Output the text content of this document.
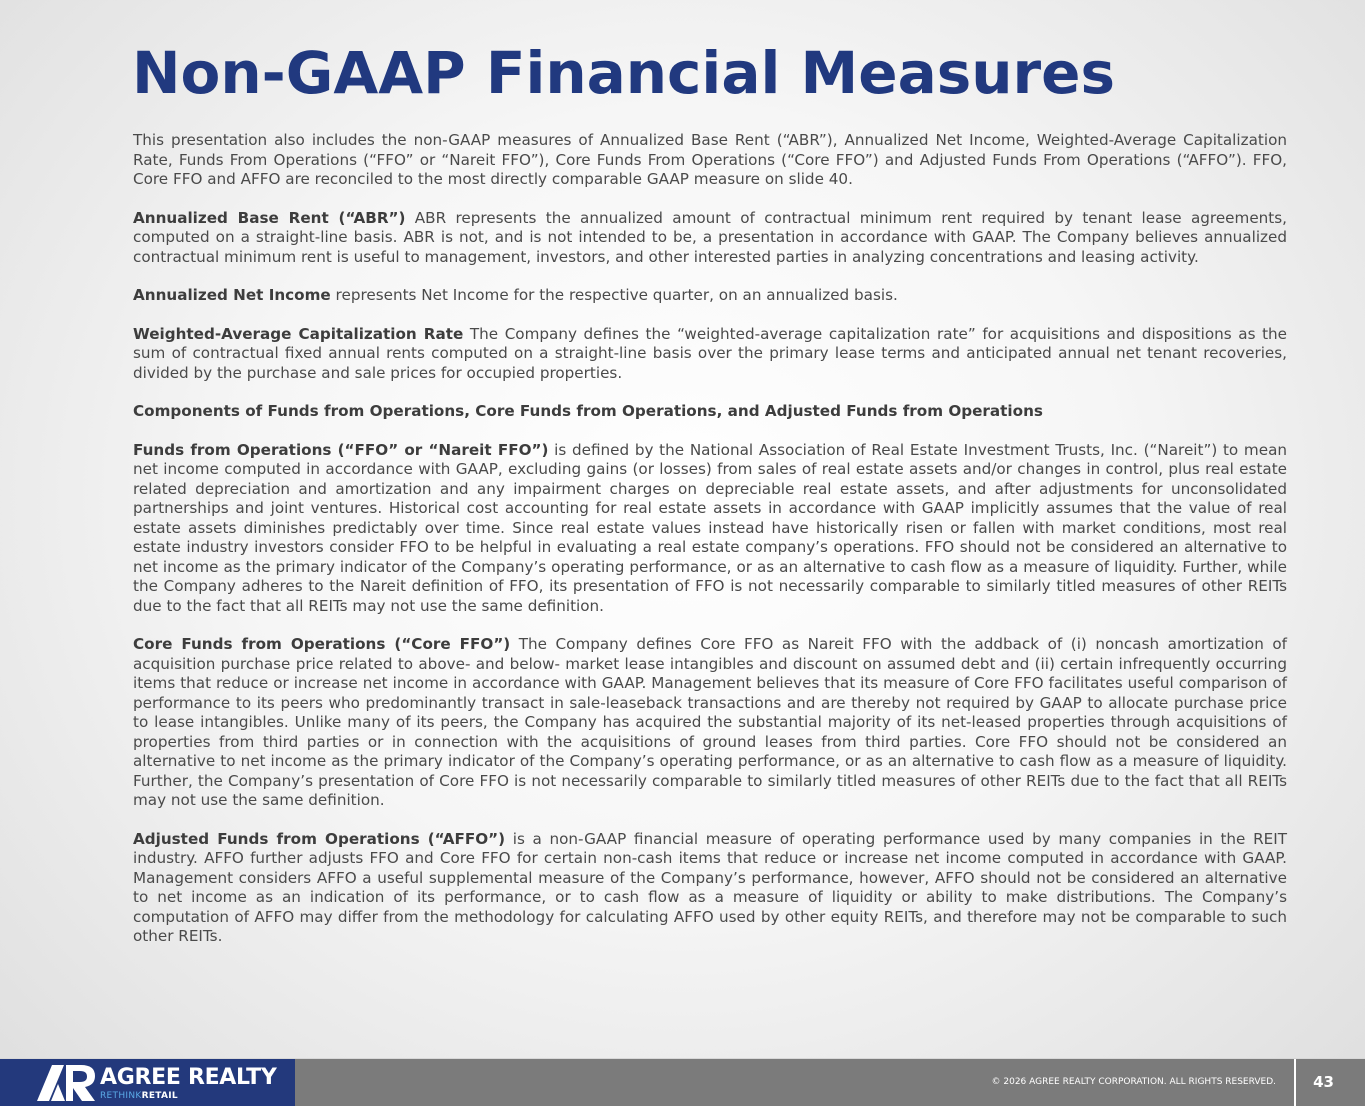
Non-GAAP Financial Measures

This presentation also includes the non-GAAP measures of Annualized Base Rent (“ABR”), Annualized Net Income, Weighted-Average Capitalization Rate, Funds From Operations (“FFO” or “Nareit FFO”), Core Funds From Operations (“Core FFO”) and Adjusted Funds From Operations (“AFFO”). FFO, Core FFO and AFFO are reconciled to the most directly comparable GAAP measure on slide 40.

Annualized Base Rent (“ABR”) ABR represents the annualized amount of contractual minimum rent required by tenant lease agreements, computed on a straight-line basis. ABR is not, and is not intended to be, a presentation in accordance with GAAP. The Company believes annualized contractual minimum rent is useful to management, investors, and other interested parties in analyzing concentrations and leasing activity.

Annualized Net Income represents Net Income for the respective quarter, on an annualized basis.

Weighted-Average Capitalization Rate The Company defines the “weighted-average capitalization rate” for acquisitions and dispositions as the sum of contractual fixed annual rents computed on a straight-line basis over the primary lease terms and anticipated annual net tenant recoveries, divided by the purchase and sale prices for occupied properties.

Components of Funds from Operations, Core Funds from Operations, and Adjusted Funds from Operations

Funds from Operations (“FFO” or “Nareit FFO”) is defined by the National Association of Real Estate Investment Trusts, Inc. (“Nareit”) to mean net income computed in accordance with GAAP, excluding gains (or losses) from sales of real estate assets and/or changes in control, plus real estate related depreciation and amortization and any impairment charges on depreciable real estate assets, and after adjustments for unconsolidated partnerships and joint ventures. Historical cost accounting for real estate assets in accordance with GAAP implicitly assumes that the value of real estate assets diminishes predictably over time. Since real estate values instead have historically risen or fallen with market conditions, most real estate industry investors consider FFO to be helpful in evaluating a real estate company’s operations. FFO should not be considered an alternative to net income as the primary indicator of the Company’s operating performance, or as an alternative to cash flow as a measure of liquidity. Further, while the Company adheres to the Nareit definition of FFO, its presentation of FFO is not necessarily comparable to similarly titled measures of other REITs due to the fact that all REITs may not use the same definition.

Core Funds from Operations (“Core FFO”) The Company defines Core FFO as Nareit FFO with the addback of (i) noncash amortization of acquisition purchase price related to above- and below- market lease intangibles and discount on assumed debt and (ii) certain infrequently occurring items that reduce or increase net income in accordance with GAAP. Management believes that its measure of Core FFO facilitates useful comparison of performance to its peers who predominantly transact in sale-leaseback transactions and are thereby not required by GAAP to allocate purchase price to lease intangibles. Unlike many of its peers, the Company has acquired the substantial majority of its net-leased properties through acquisitions of properties from third parties or in connection with the acquisitions of ground leases from third parties. Core FFO should not be considered an alternative to net income as the primary indicator of the Company’s operating performance, or as an alternative to cash flow as a measure of liquidity. Further, the Company’s presentation of Core FFO is not necessarily comparable to similarly titled measures of other REITs due to the fact that all REITs may not use the same definition.

Adjusted Funds from Operations (“AFFO”) is a non-GAAP financial measure of operating performance used by many companies in the REIT industry. AFFO further adjusts FFO and Core FFO for certain non-cash items that reduce or increase net income computed in accordance with GAAP. Management considers AFFO a useful supplemental measure of the Company’s performance, however, AFFO should not be considered an alternative to net income as an indication of its performance, or to cash flow as a measure of liquidity or ability to make distributions. The Company’s computation of AFFO may differ from the methodology for calculating AFFO used by other equity REITs, and therefore may not be comparable to such other REITs.

AGREE REALTY
RETHINKRETAIL
© 2026 AGREE REALTY CORPORATION. ALL RIGHTS RESERVED.	43
